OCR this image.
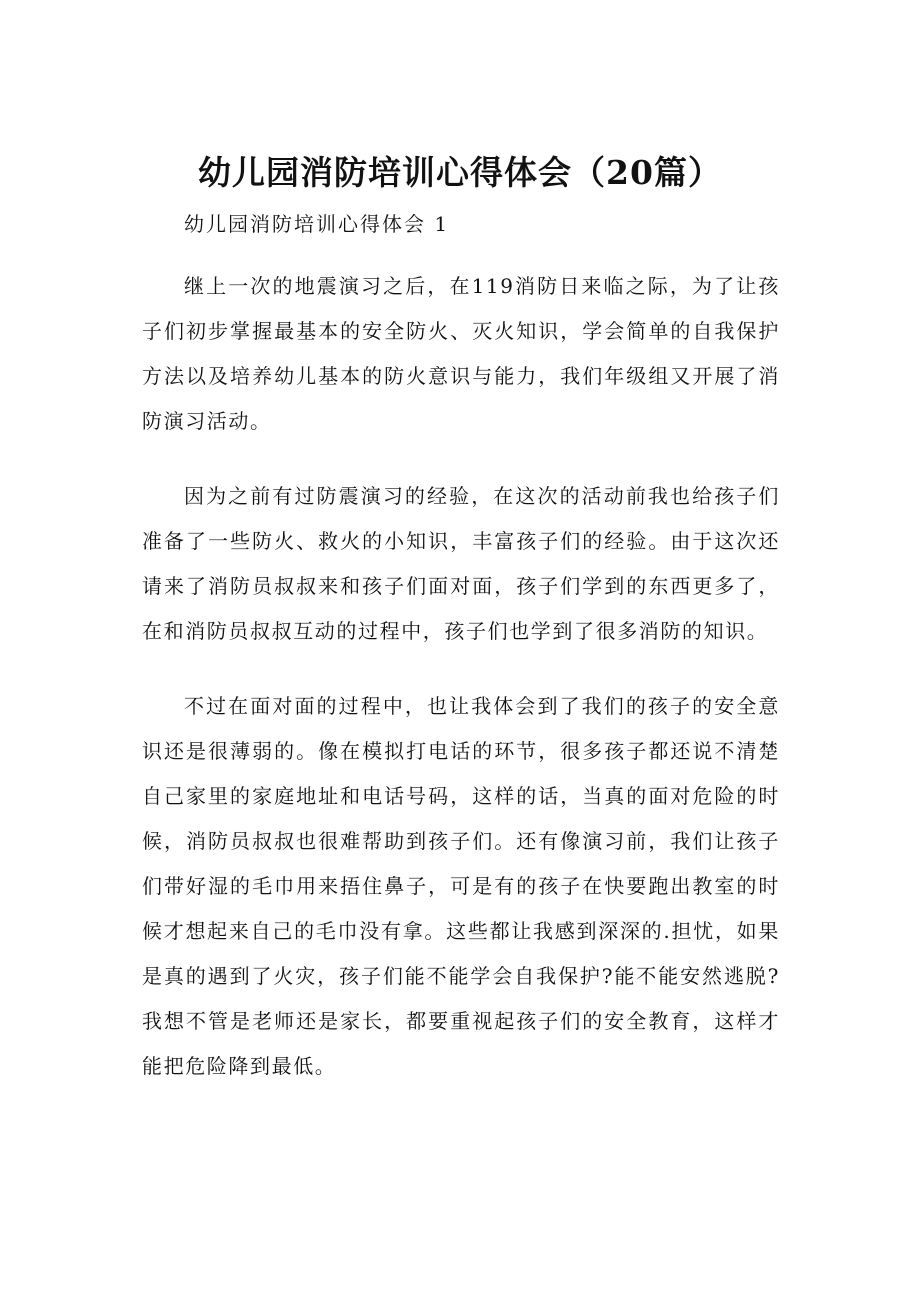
幼儿园消防培训心得体会（20篇）
幼儿园消防培训心得体会 1

继上一次的地震演习之后，在119消防日来临之际，为了让孩子们初步掌握最基本的安全防火、灭火知识，学会简单的自我保护方法以及培养幼儿基本的防火意识与能力，我们年级组又开展了消防演习活动。

因为之前有过防震演习的经验，在这次的活动前我也给孩子们准备了一些防火、救火的小知识，丰富孩子们的经验。由于这次还请来了消防员叔叔来和孩子们面对面，孩子们学到的东西更多了，在和消防员叔叔互动的过程中，孩子们也学到了很多消防的知识。

不过在面对面的过程中，也让我体会到了我们的孩子的安全意识还是很薄弱的。像在模拟打电话的环节，很多孩子都还说不清楚自己家里的家庭地址和电话号码，这样的话，当真的面对危险的时候，消防员叔叔也很难帮助到孩子们。还有像演习前，我们让孩子们带好湿的毛巾用来捂住鼻子，可是有的孩子在快要跑出教室的时候才想起来自己的毛巾没有拿。这些都让我感到深深的.担忧，如果是真的遇到了火灾，孩子们能不能学会自我保护?能不能安然逃脱?我想不管是老师还是家长，都要重视起孩子们的安全教育，这样才能把危险降到最低。
